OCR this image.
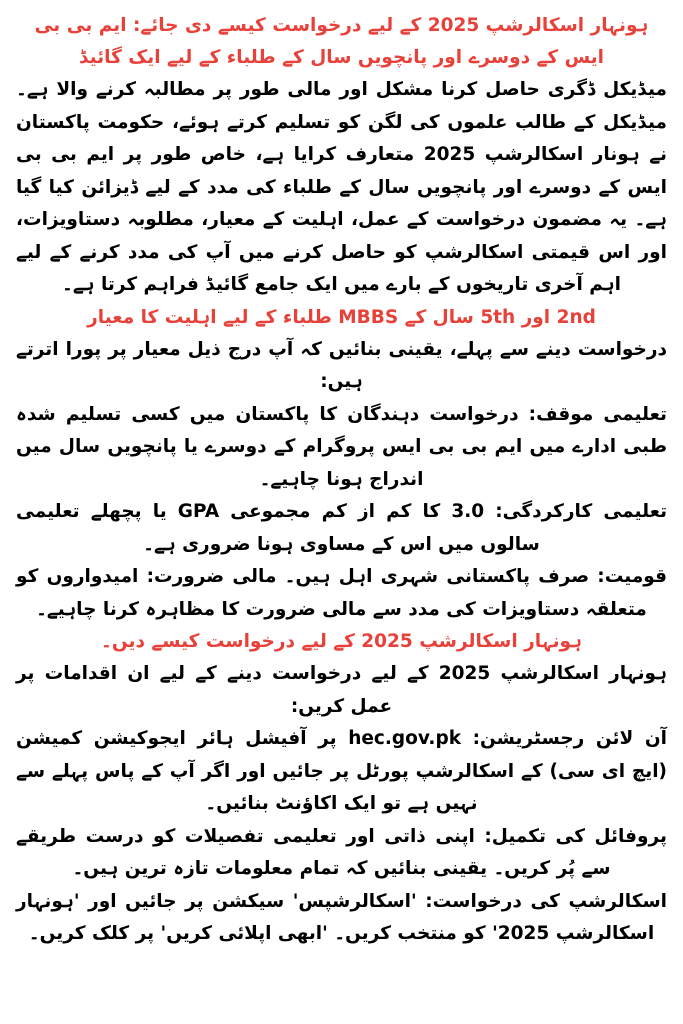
ہونہار اسکالرشپ 2025 کے لیے درخواست کیسے دی جائے: ایم بی بی ایس کے دوسرے اور پانچویں سال کے طلباء کے لیے ایک گائیڈ

میڈیکل ڈگری حاصل کرنا مشکل اور مالی طور پر مطالبہ کرنے والا ہے۔ میڈیکل کے طالب علموں کی لگن کو تسلیم کرتے ہوئے، حکومت پاکستان نے ہونار اسکالرشپ 2025 متعارف کرایا ہے، خاص طور پر ایم بی بی ایس کے دوسرے اور پانچویں سال کے طلباء کی مدد کے لیے ڈیزائن کیا گیا ہے۔ یہ مضمون درخواست کے عمل، اہلیت کے معیار، مطلوبہ دستاویزات، اور اس قیمتی اسکالرشپ کو حاصل کرنے میں آپ کی مدد کرنے کے لیے اہم آخری تاریخوں کے بارے میں ایک جامع گائیڈ فراہم کرتا ہے۔

2nd اور 5th سال کے MBBS طلباء کے لیے اہلیت کا معیار

درخواست دینے سے پہلے، یقینی بنائیں کہ آپ درج ذیل معیار پر پورا اترتے ہیں:

تعلیمی موقف: درخواست دہندگان کا پاکستان میں کسی تسلیم شدہ طبی ادارے میں ایم بی بی ایس پروگرام کے دوسرے یا پانچویں سال میں اندراج ہونا چاہیے۔

تعلیمی کارکردگی: 3.0 کا کم از کم مجموعی GPA یا پچھلے تعلیمی سالوں میں اس کے مساوی ہونا ضروری ہے۔

قومیت: صرف پاکستانی شہری اہل ہیں۔ مالی ضرورت: امیدواروں کو متعلقہ دستاویزات کی مدد سے مالی ضرورت کا مظاہرہ کرنا چاہیے۔

ہونہار اسکالرشپ 2025 کے لیے درخواست کیسے دیں۔

ہونہار اسکالرشپ 2025 کے لیے درخواست دینے کے لیے ان اقدامات پر عمل کریں:

آن لائن رجسٹریشن: hec.gov.pk پر آفیشل ہائر ایجوکیشن کمیشن (ایچ ای سی) کے اسکالرشپ پورٹل پر جائیں اور اگر آپ کے پاس پہلے سے نہیں ہے تو ایک اکاؤنٹ بنائیں۔

پروفائل کی تکمیل: اپنی ذاتی اور تعلیمی تفصیلات کو درست طریقے سے پُر کریں۔ یقینی بنائیں کہ تمام معلومات تازہ ترین ہیں۔

اسکالرشپ کی درخواست: 'اسکالرشپس' سیکشن پر جائیں اور 'ہونہار اسکالرشپ 2025' کو منتخب کریں۔ 'ابھی اپلائی کریں' پر کلک کریں۔
